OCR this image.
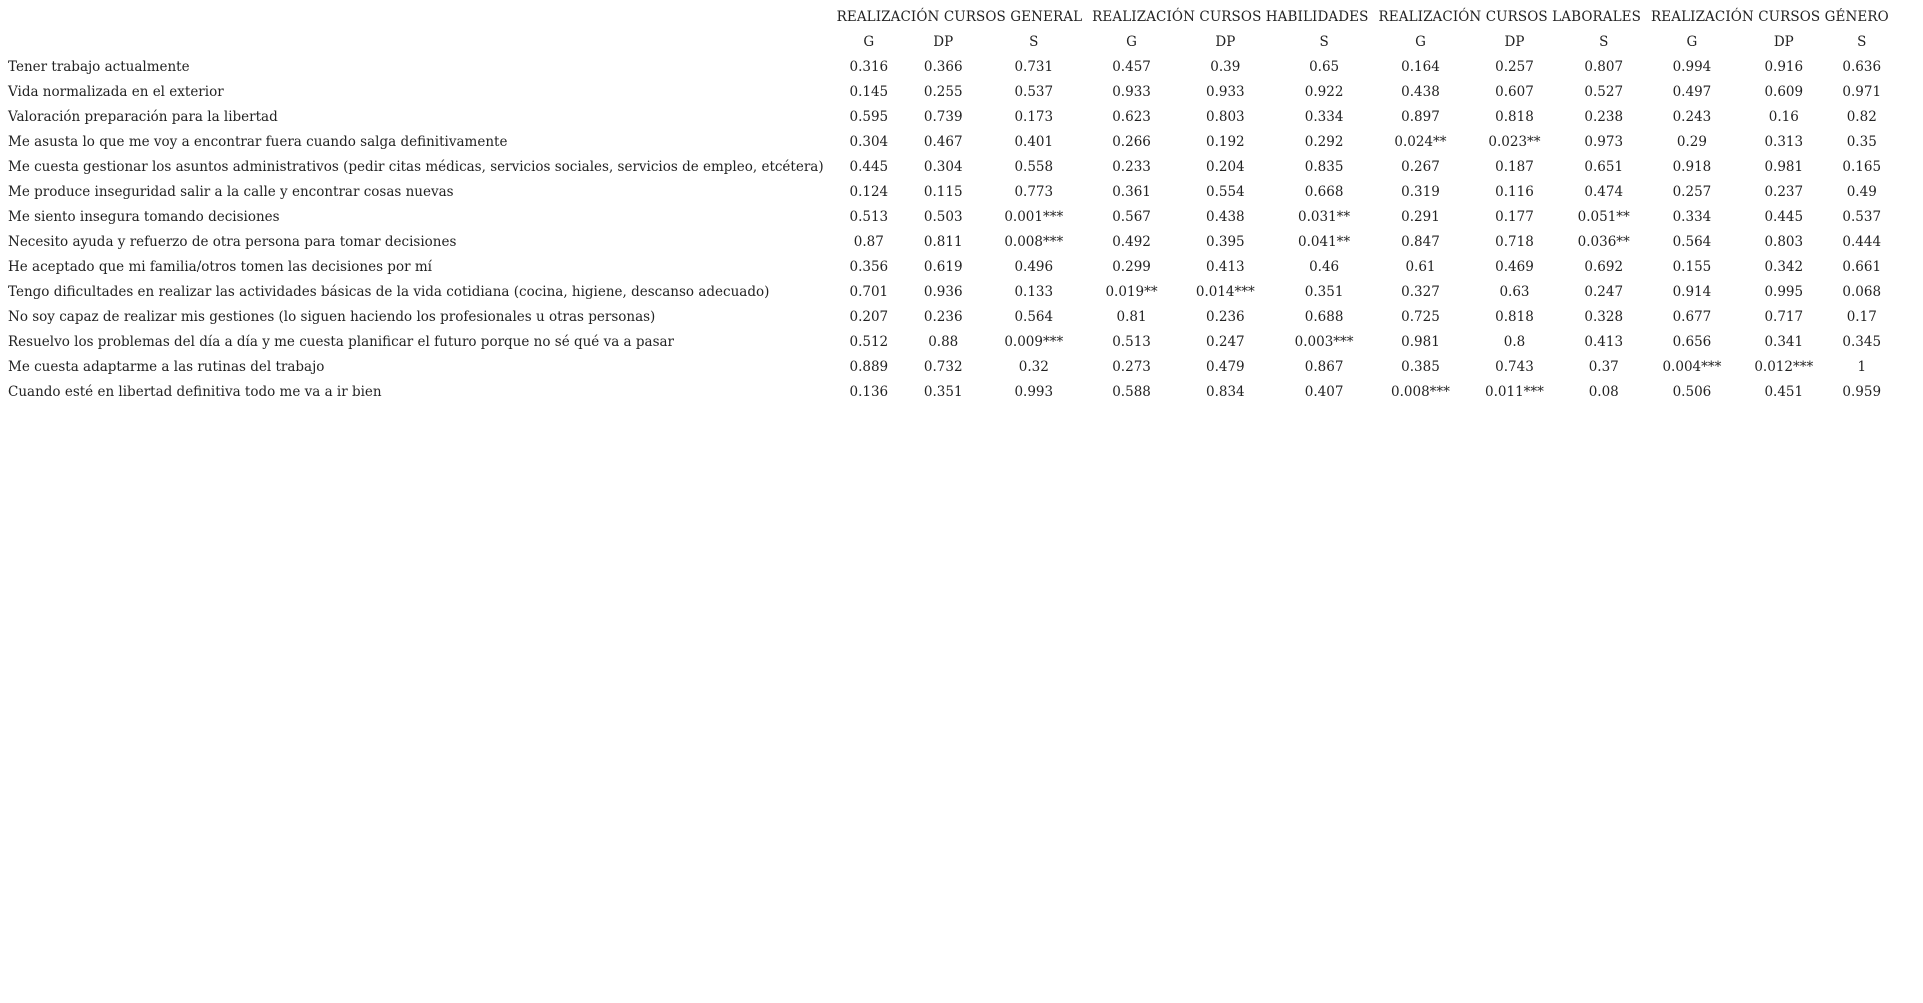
	REALIZACIÓN CURSOS GENERAL			REALIZACIÓN CURSOS HABILIDADES			REALIZACIÓN CURSOS LABORALES			REALIZACIÓN CURSOS GÉNERO		
	G	DP	S	G	DP	S	G	DP	S	G	DP	S
Tener trabajo actualmente	0.316	0.366	0.731	0.457	0.39	0.65	0.164	0.257	0.807	0.994	0.916	0.636
Vida normalizada en el exterior	0.145	0.255	0.537	0.933	0.933	0.922	0.438	0.607	0.527	0.497	0.609	0.971
Valoración preparación para la libertad	0.595	0.739	0.173	0.623	0.803	0.334	0.897	0.818	0.238	0.243	0.16	0.82
Me asusta lo que me voy a encontrar fuera cuando salga definitivamente	0.304	0.467	0.401	0.266	0.192	0.292	0.024**	0.023**	0.973	0.29	0.313	0.35
Me cuesta gestionar los asuntos administrativos (pedir citas médicas, servicios sociales, servicios de empleo, etcétera)	0.445	0.304	0.558	0.233	0.204	0.835	0.267	0.187	0.651	0.918	0.981	0.165
Me produce inseguridad salir a la calle y encontrar cosas nuevas	0.124	0.115	0.773	0.361	0.554	0.668	0.319	0.116	0.474	0.257	0.237	0.49
Me siento insegura tomando decisiones	0.513	0.503	0.001***	0.567	0.438	0.031**	0.291	0.177	0.051**	0.334	0.445	0.537
Necesito ayuda y refuerzo de otra persona para tomar decisiones	0.87	0.811	0.008***	0.492	0.395	0.041**	0.847	0.718	0.036**	0.564	0.803	0.444
He aceptado que mi familia/otros tomen las decisiones por mí	0.356	0.619	0.496	0.299	0.413	0.46	0.61	0.469	0.692	0.155	0.342	0.661
Tengo dificultades en realizar las actividades básicas de la vida cotidiana (cocina, higiene, descanso adecuado)	0.701	0.936	0.133	0.019**	0.014***	0.351	0.327	0.63	0.247	0.914	0.995	0.068
No soy capaz de realizar mis gestiones (lo siguen haciendo los profesionales u otras personas)	0.207	0.236	0.564	0.81	0.236	0.688	0.725	0.818	0.328	0.677	0.717	0.17
Resuelvo los problemas del día a día y me cuesta planificar el futuro porque no sé qué va a pasar	0.512	0.88	0.009***	0.513	0.247	0.003***	0.981	0.8	0.413	0.656	0.341	0.345
Me cuesta adaptarme a las rutinas del trabajo	0.889	0.732	0.32	0.273	0.479	0.867	0.385	0.743	0.37	0.004***	0.012***	1
Cuando esté en libertad definitiva todo me va a ir bien	0.136	0.351	0.993	0.588	0.834	0.407	0.008***	0.011***	0.08	0.506	0.451	0.959
